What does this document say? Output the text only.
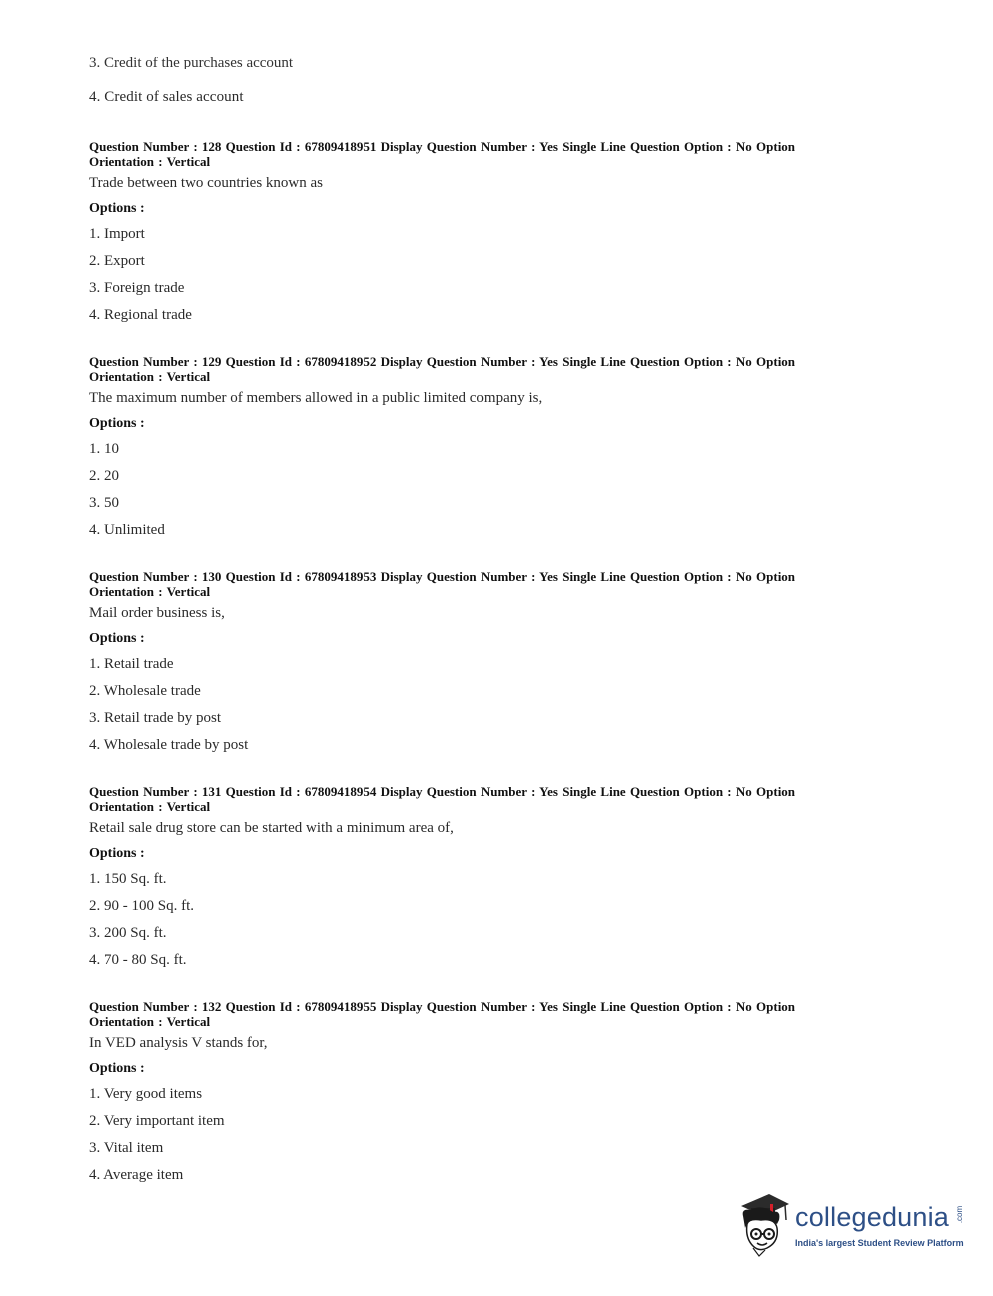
3. Credit of the purchases account
4. Credit of sales account
Question Number : 128 Question Id : 67809418951 Display Question Number : Yes Single Line Question Option : No Option
Orientation : Vertical
Trade between two countries known as
Options :
1. Import
2. Export
3. Foreign trade
4. Regional trade
Question Number : 129 Question Id : 67809418952 Display Question Number : Yes Single Line Question Option : No Option
Orientation : Vertical
The maximum number of members allowed in a public limited company is,
Options :
1. 10
2. 20
3. 50
4. Unlimited
Question Number : 130 Question Id : 67809418953 Display Question Number : Yes Single Line Question Option : No Option
Orientation : Vertical
Mail order business is,
Options :
1. Retail trade
2. Wholesale trade
3. Retail trade by post
4. Wholesale trade by post
Question Number : 131 Question Id : 67809418954 Display Question Number : Yes Single Line Question Option : No Option
Orientation : Vertical
Retail sale drug store can be started with a minimum area of,
Options :
1. 150 Sq. ft.
2. 90 - 100 Sq. ft.
3. 200 Sq. ft.
4. 70 - 80 Sq. ft.
Question Number : 132 Question Id : 67809418955 Display Question Number : Yes Single Line Question Option : No Option
Orientation : Vertical
In VED analysis V stands for,
Options :
1. Very good items
2. Very important item
3. Vital item
4. Average item
collegedunia .com
India's largest Student Review Platform
